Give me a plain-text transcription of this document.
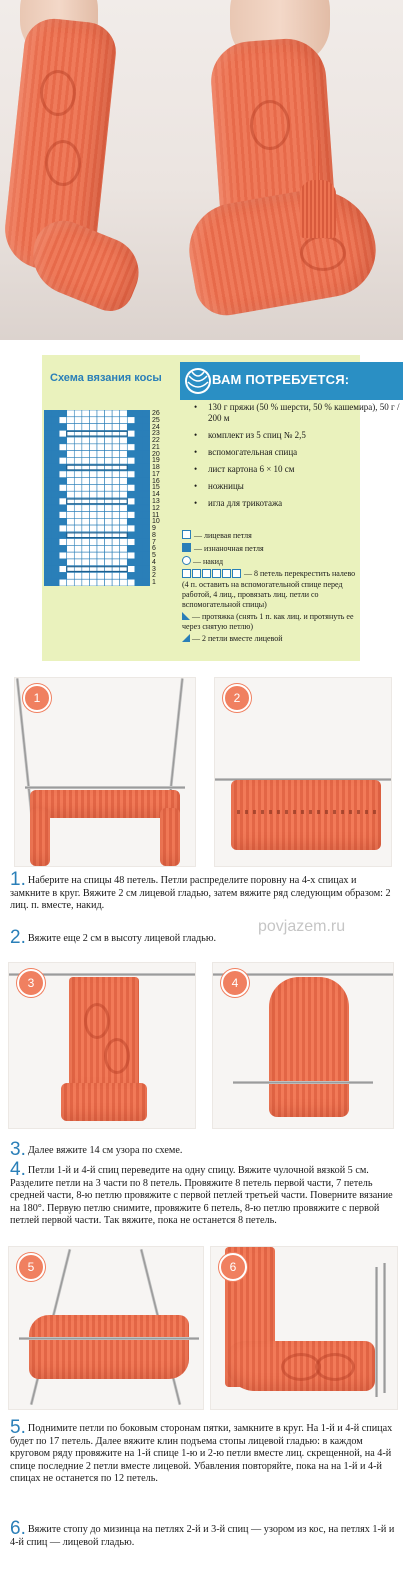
Схема вязания косы
26
25
24
23
22
21
20
19
18
17
16
15
14
13
12
11
10
9
8
7
6
5
4
3
2
1
ВАМ ПОТРЕБУЕТСЯ:
• 130 г пряжи (50 % шерсти, 50 % кашемира), 50 г / 200 м
• комплект из 5 спиц № 2,5
• вспомогательная спица
• лист картона 6 × 10 см
• ножницы
• игла для трикотажа
— лицевая петля
— изнаночная петля
— накид
— 8 петель перекрестить налево (4 п. оставить на вспомогательной спице перед работой, 4 лиц., провязать лиц. петли со вспомогательной спицы)
— протяжка (снять 1 п. как лиц. и протянуть ее через снятую петлю)
— 2 петли вместе лицевой
1	2

1. Наберите на спицы 48 петель. Петли распределите поровну на 4-х спицах и замкните в круг. Вяжите 2 см лицевой гладью, затем вяжите ряд следующим образом: 2 лиц. п. вместе, накид.

povjazem.ru

2. Вяжите еще 2 см в высоту лицевой гладью.

3	4

3. Далее вяжите 14 см узора по схеме.

4. Петли 1-й и 4-й спиц переведите на одну спицу. Вяжите чулочной вязкой 5 см. Разделите петли на 3 части по 8 петель. Провяжите 8 петель первой части, 7 петель средней части, 8-ю петлю провяжите с первой петлей третьей части. Поверните вязание на 180°. Первую петлю снимите, провяжите 6 петель, 8-ю петлю провяжите с первой петлей первой части. Так вяжите, пока не останется 8 петель.

5	6

5. Поднимите петли по боковым сторонам пятки, замкните в круг. На 1-й и 4-й спицах будет по 17 петель. Далее вяжите клин подъема стопы лицевой гладью: в каждом круговом ряду провяжите на 1-й спице 1-ю и 2-ю петли вместе лиц. скрещенной, на 4-й спице последние 2 петли вместе лицевой. Убавления повторяйте, пока на на 1-й и 4-й спицах не останется по 12 петель.

6. Вяжите стопу до мизинца на петлях 2-й и 3-й спиц — узором из кос, на петлях 1-й и 4-й спиц — лицевой гладью.
